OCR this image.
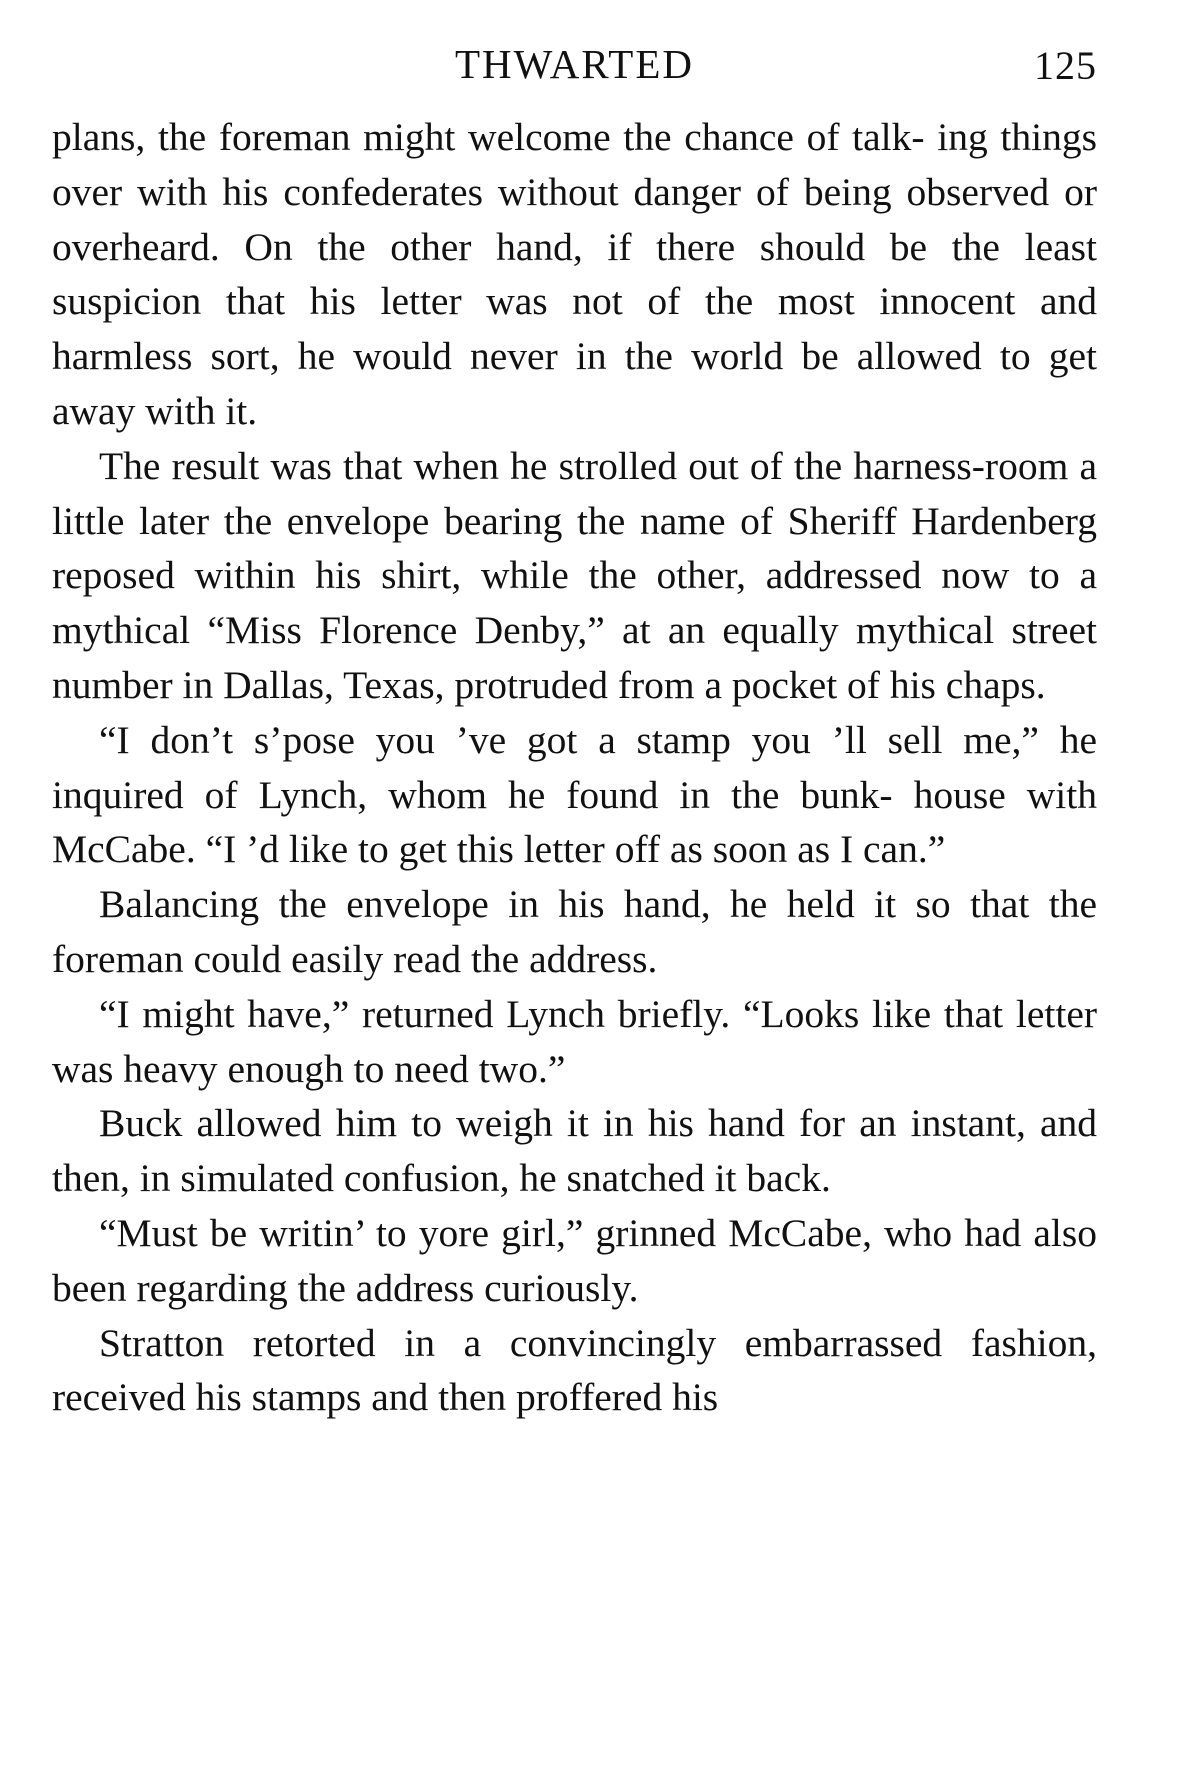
THWARTED	125

plans, the foreman might welcome the chance of talk- ing things over with his confederates without danger of being observed or overheard. On the other hand, if there should be the least suspicion that his letter was not of the most innocent and harmless sort, he would never in the world be allowed to get away with it.

The result was that when he strolled out of the harness-room a little later the envelope bearing the name of Sheriff Hardenberg reposed within his shirt, while the other, addressed now to a mythical “Miss Florence Denby,” at an equally mythical street number in Dallas, Texas, protruded from a pocket of his chaps.

“I don’t s’pose you ’ve got a stamp you ’ll sell me,” he inquired of Lynch, whom he found in the bunk- house with McCabe. “I ’d like to get this letter off as soon as I can.”

Balancing the envelope in his hand, he held it so that the foreman could easily read the address.

“I might have,” returned Lynch briefly. “Looks like that letter was heavy enough to need two.”

Buck allowed him to weigh it in his hand for an instant, and then, in simulated confusion, he snatched it back.

“Must be writin’ to yore girl,” grinned McCabe, who had also been regarding the address curiously.

Stratton retorted in a convincingly embarrassed fashion, received his stamps and then proffered his
